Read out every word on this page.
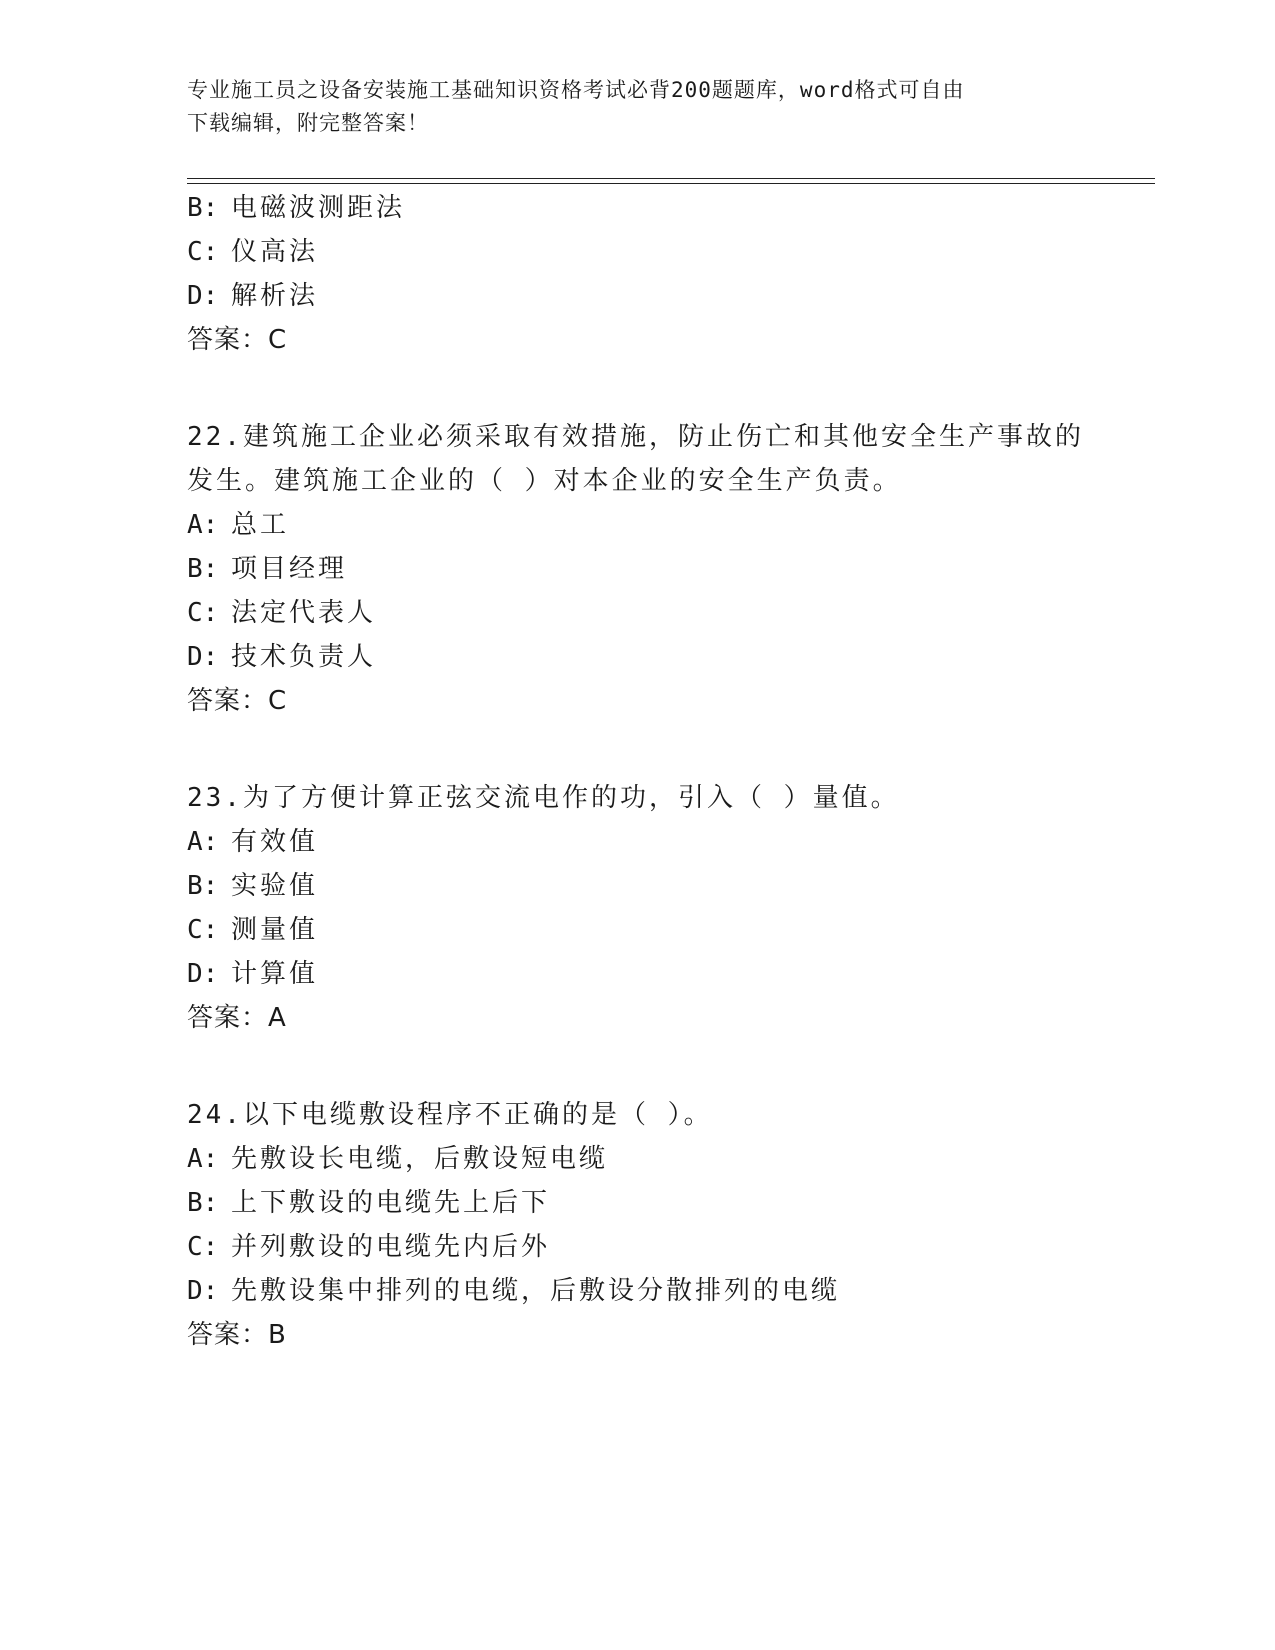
专业施工员之设备安装施工基础知识资格考试必背200题题库，word格式可自由
下载编辑，附完整答案！
B: 电磁波测距法
C: 仪高法
D: 解析法
答案：C
22.建筑施工企业必须采取有效措施，防止伤亡和其他安全生产事故的
发生。建筑施工企业的（ ）对本企业的安全生产负责。
A: 总工
B: 项目经理
C: 法定代表人
D: 技术负责人
答案：C
23.为了方便计算正弦交流电作的功，引入（ ）量值。
A: 有效值
B: 实验值
C: 测量值
D: 计算值
答案：A
24.以下电缆敷设程序不正确的是（ ）。
A: 先敷设长电缆，后敷设短电缆
B: 上下敷设的电缆先上后下
C: 并列敷设的电缆先内后外
D: 先敷设集中排列的电缆，后敷设分散排列的电缆
答案：B
